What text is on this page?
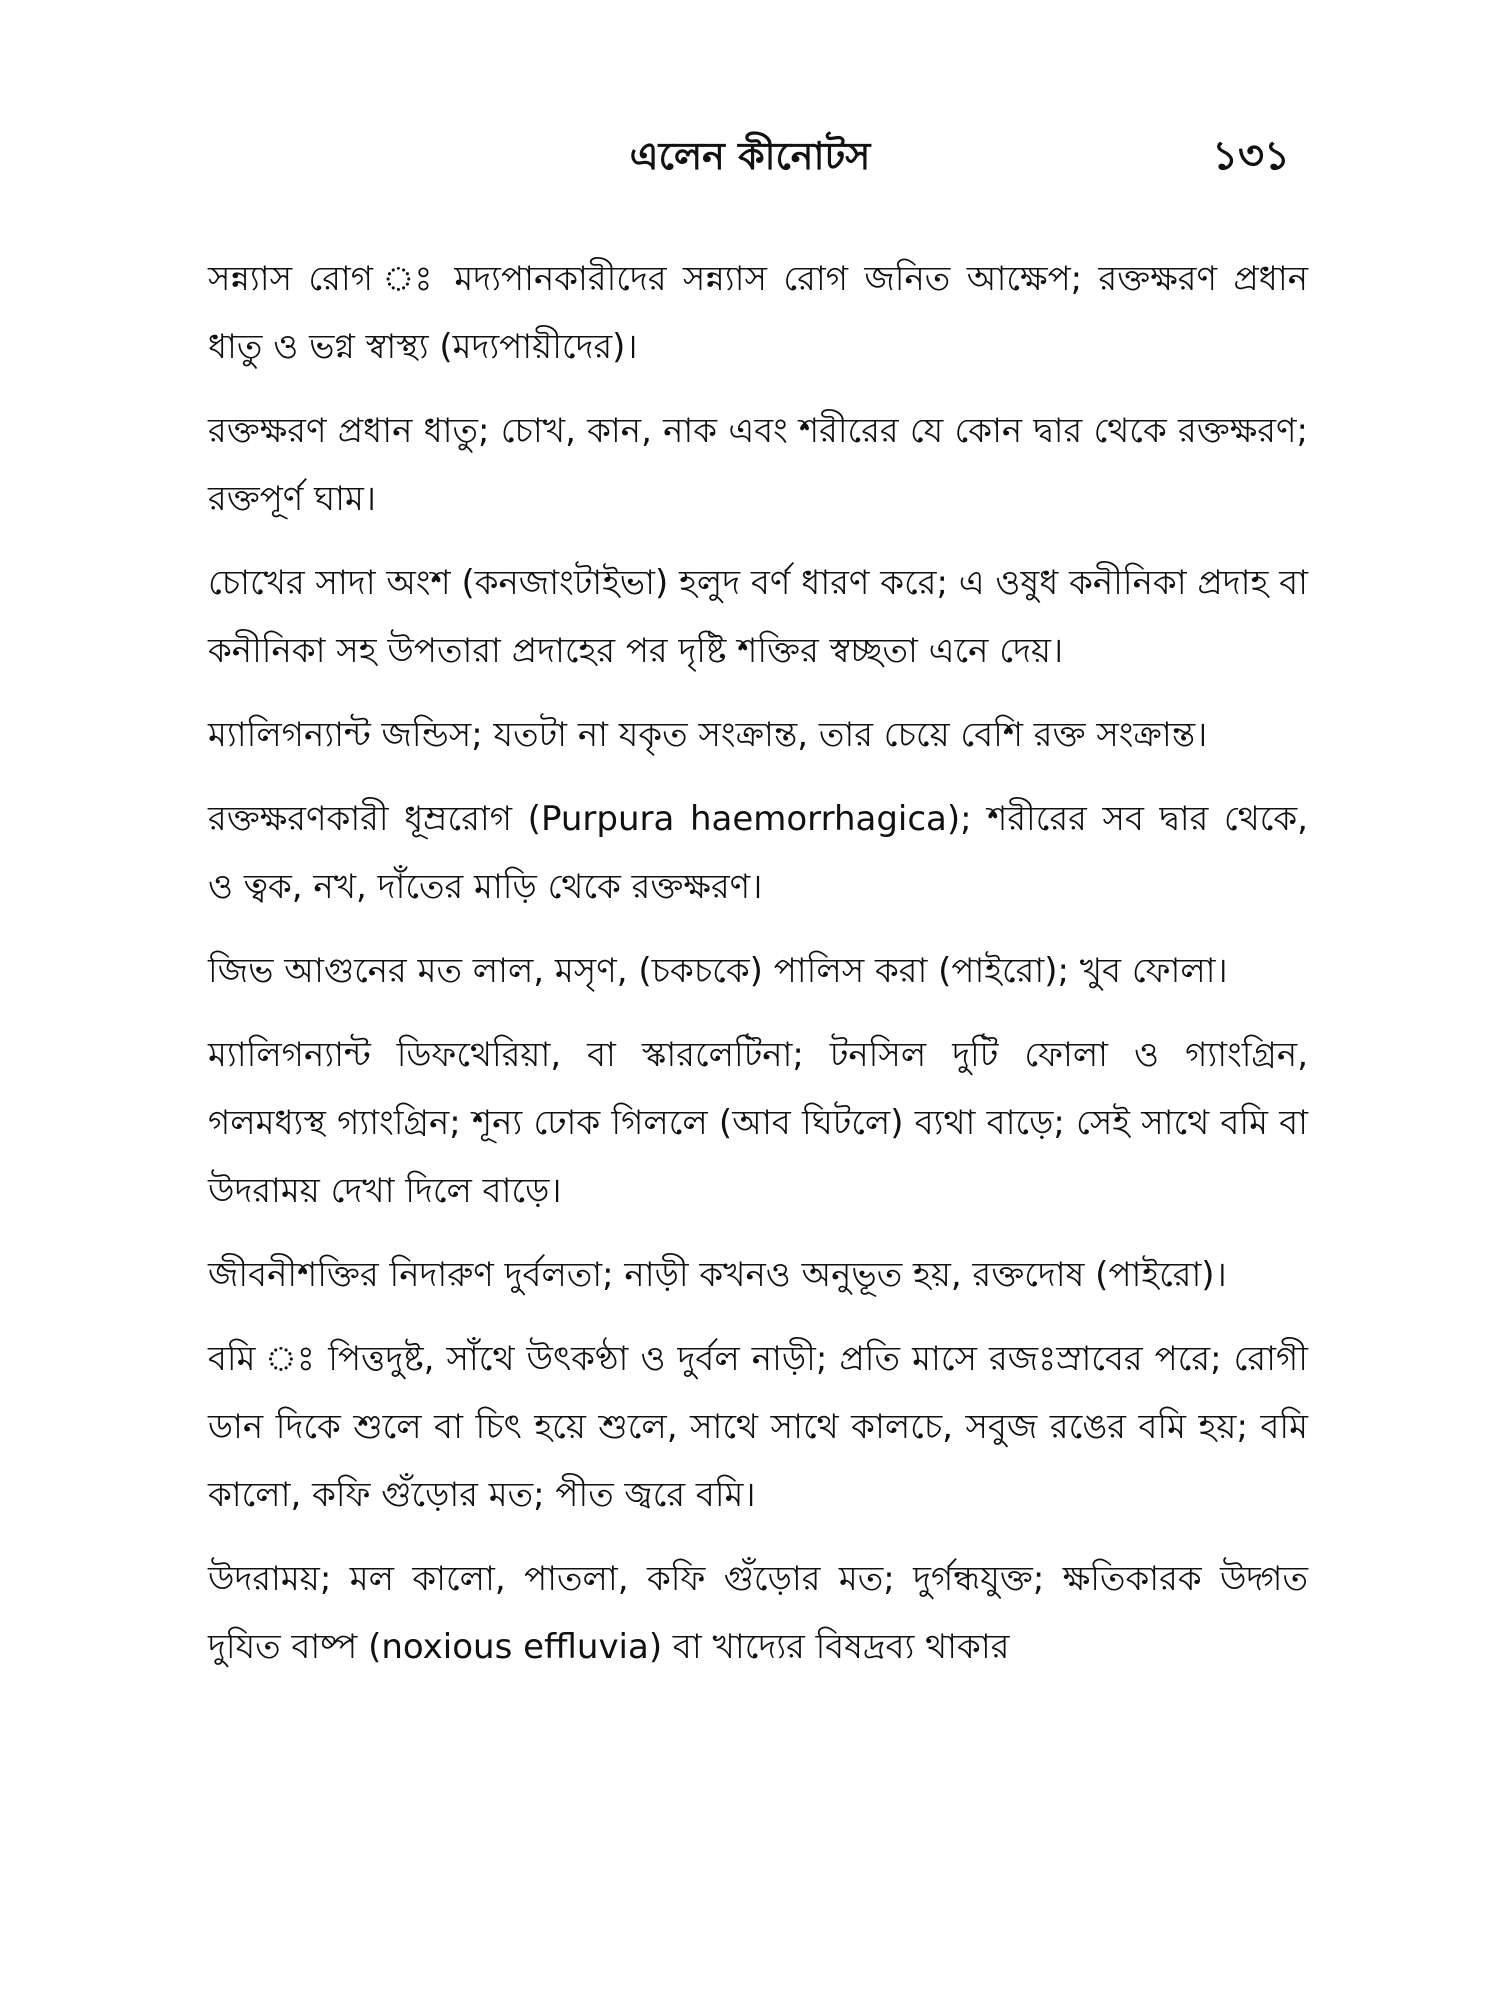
এলেন কীনোটস	১৩১

সন্ন্যাস রোগ ঃ মদ্যপানকারীদের সন্ন্যাস রোগ জনিত আক্ষেপ; রক্তক্ষরণ প্রধান ধাতু ও ভগ্ন স্বাস্থ্য (মদ্যপায়ীদের)।

রক্তক্ষরণ প্রধান ধাতু; চোখ, কান, নাক এবং শরীরের যে কোন দ্বার থেকে রক্তক্ষরণ; রক্তপূর্ণ ঘাম।

চোখের সাদা অংশ (কনজাংটাইভা) হলুদ বর্ণ ধারণ করে; এ ওষুধ কনীনিকা প্রদাহ বা কনীনিকা সহ উপতারা প্রদাহের পর দৃষ্টি শক্তির স্বচ্ছতা এনে দেয়।

ম্যালিগন্যান্ট জন্ডিস; যতটা না যকৃত সংক্রান্ত, তার চেয়ে বেশি রক্ত সংক্রান্ত।

রক্তক্ষরণকারী ধূম্ররোগ (Purpura haemorrhagica); শরীরের সব দ্বার থেকে, ও ত্বক, নখ, দাঁতের মাড়ি থেকে রক্তক্ষরণ।

জিভ আগুনের মত লাল, মসৃণ, (চকচকে) পালিস করা (পাইরো); খুব ফোলা।

ম্যালিগন্যান্ট ডিফথেরিয়া, বা স্কারলেটিনা; টনসিল দুটি ফোলা ও গ্যাংগ্রিন, গলমধ্যস্থ গ্যাংগ্রিন; শূন্য ঢোক গিললে (আব ঘিটলে) ব্যথা বাড়ে; সেই সাথে বমি বা উদরাময় দেখা দিলে বাড়ে।

জীবনীশক্তির নিদারুণ দুর্বলতা; নাড়ী কখনও অনুভূত হয়, রক্তদোষ (পাইরো)।

বমি ঃ পিত্তদুষ্ট, সাঁথে উৎকণ্ঠা ও দুর্বল নাড়ী; প্রতি মাসে রজঃস্রাবের পরে; রোগী ডান দিকে শুলে বা চিৎ হয়ে শুলে, সাথে সাথে কালচে, সবুজ রঙের বমি হয়; বমি কালো, কফি গুঁড়োর মত; পীত জ্বরে বমি।

উদরাময়; মল কালো, পাতলা, কফি গুঁড়োর মত; দুর্গন্ধযুক্ত; ক্ষতিকারক উদ্গত দুযিত বাষ্প (noxious effluvia) বা খাদ্যের বিষদ্রব্য থাকার
